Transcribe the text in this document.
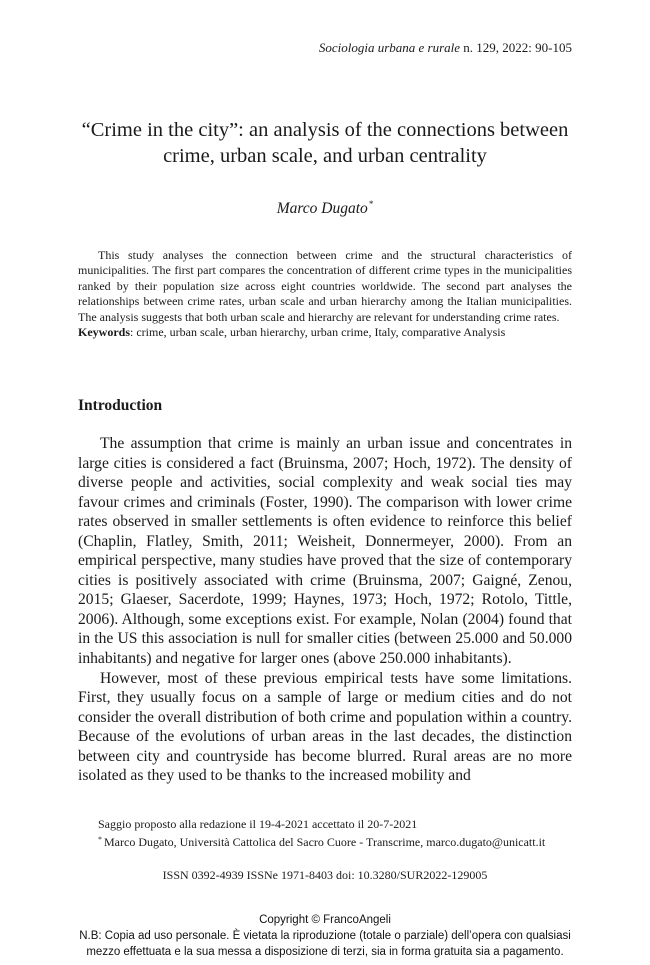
Sociologia urbana e rurale n. 129, 2022: 90-105
“Crime in the city”: an analysis of the connections between
crime, urban scale, and urban centrality
Marco Dugato*

This study analyses the connection between crime and the structural characteristics of municipalities. The first part compares the concentration of different crime types in the municipalities ranked by their population size across eight countries worldwide. The second part analyses the relationships between crime rates, urban scale and urban hierarchy among the Italian municipalities. The analysis suggests that both urban scale and hierarchy are relevant for understanding crime rates.

Keywords: crime, urban scale, urban hierarchy, urban crime, Italy, comparative Analysis
Introduction

The assumption that crime is mainly an urban issue and concentrates in large cities is considered a fact (Bruinsma, 2007; Hoch, 1972). The density of diverse people and activities, social complexity and weak social ties may favour crimes and criminals (Foster, 1990). The comparison with lower crime rates observed in smaller settlements is often evidence to reinforce this belief (Chaplin, Flatley, Smith, 2011; Weisheit, Donnermeyer, 2000). From an empirical perspective, many studies have proved that the size of contemporary cities is positively associated with crime (Bruinsma, 2007; Gaigné, Zenou, 2015; Glaeser, Sacerdote, 1999; Haynes, 1973; Hoch, 1972; Rotolo, Tittle, 2006). Although, some exceptions exist. For example, Nolan (2004) found that in the US this association is null for smaller cities (between 25.000 and 50.000 inhabitants) and negative for larger ones (above 250.000 inhabitants).

However, most of these previous empirical tests have some limitations. First, they usually focus on a sample of large or medium cities and do not consider the overall distribution of both crime and population within a country. Because of the evolutions of urban areas in the last decades, the distinction between city and countryside has become blurred. Rural areas are no more isolated as they used to be thanks to the increased mobility and

Saggio proposto alla redazione il 19-4-2021 accettato il 20-7-2021
* Marco Dugato, Università Cattolica del Sacro Cuore - Transcrime, marco.dugato@unicatt.it
ISSN 0392-4939 ISSNe 1971-8403 doi: 10.3280/SUR2022-129005
Copyright © FrancoAngeli
N.B: Copia ad uso personale. È vietata la riproduzione (totale o parziale) dell’opera con qualsiasi
mezzo effettuata e la sua messa a disposizione di terzi, sia in forma gratuita sia a pagamento.
